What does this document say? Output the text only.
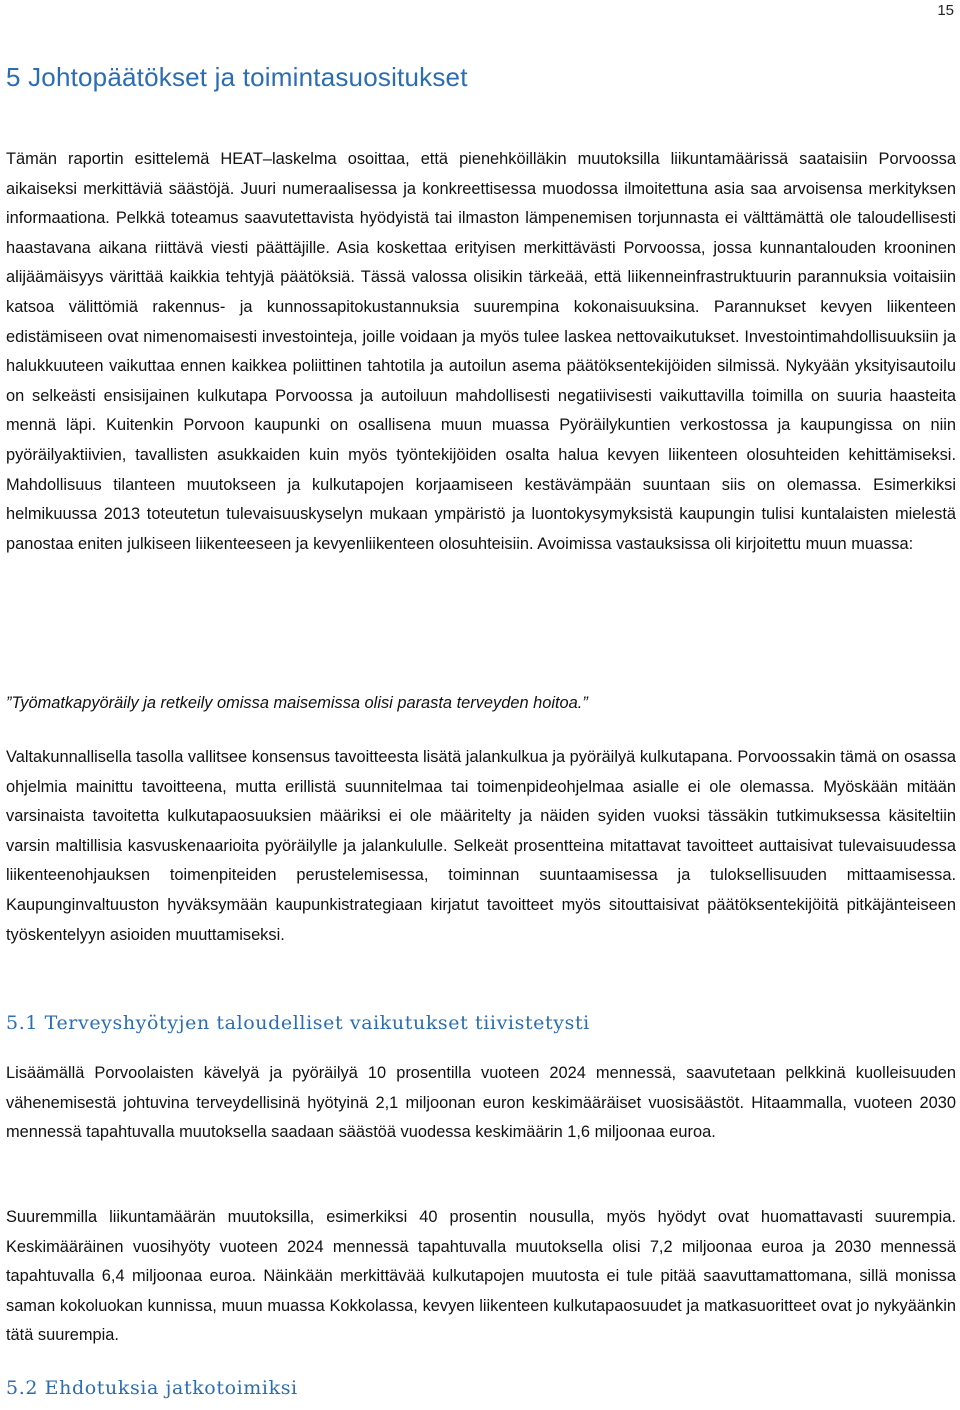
15
5 Johtopäätökset ja toimintasuositukset

Tämän raportin esittelemä HEAT–laskelma osoittaa, että pienehköilläkin muutoksilla liikuntamäärissä saataisiin Porvoossa aikaiseksi merkittäviä säästöjä. Juuri numeraalisessa ja konkreettisessa muodossa ilmoitettuna asia saa arvoisensa merkityksen informaationa. Pelkkä toteamus saavutettavista hyödyistä tai ilmaston lämpenemisen torjunnasta ei välttämättä ole taloudellisesti haastavana aikana riittävä viesti päättäjille. Asia koskettaa erityisen merkittävästi Porvoossa, jossa kunnantalouden krooninen alijäämäisyys värittää kaikkia tehtyjä päätöksiä. Tässä valossa olisikin tärkeää, että liikenneinfrastruktuurin parannuksia voitaisiin katsoa välittömiä rakennus- ja kunnossapitokustannuksia suurempina kokonaisuuksina. Parannukset kevyen liikenteen edistämiseen ovat nimenomaisesti investointeja, joille voidaan ja myös tulee laskea nettovaikutukset. Investointimahdollisuuksiin ja halukkuuteen vaikuttaa ennen kaikkea poliittinen tahtotila ja autoilun asema päätöksentekijöiden silmissä. Nykyään yksityisautoilu on selkeästi ensisijainen kulkutapa Porvoossa ja autoiluun mahdollisesti negatiivisesti vaikuttavilla toimilla on suuria haasteita mennä läpi. Kuitenkin Porvoon kaupunki on osallisena muun muassa Pyöräilykuntien verkostossa ja kaupungissa on niin pyöräilyaktiivien, tavallisten asukkaiden kuin myös työntekijöiden osalta halua kevyen liikenteen olosuhteiden kehittämiseksi. Mahdollisuus tilanteen muutokseen ja kulkutapojen korjaamiseen kestävämpään suuntaan siis on olemassa. Esimerkiksi helmikuussa 2013 toteutetun tulevaisuuskyselyn mukaan ympäristö ja luontokysymyksistä kaupungin tulisi kuntalaisten mielestä panostaa eniten julkiseen liikenteeseen ja kevyenliikenteen olosuhteisiin. Avoimissa vastauksissa oli kirjoitettu muun muassa:

”Työmatkapyöräily ja retkeily omissa maisemissa olisi parasta terveyden hoitoa.”

Valtakunnallisella tasolla vallitsee konsensus tavoitteesta lisätä jalankulkua ja pyöräilyä kulkutapana. Porvoossakin tämä on osassa ohjelmia mainittu tavoitteena, mutta erillistä suunnitelmaa tai toimenpideohjelmaa asialle ei ole olemassa. Myöskään mitään varsinaista tavoitetta kulkutapaosuuksien määriksi ei ole määritelty ja näiden syiden vuoksi tässäkin tutkimuksessa käsiteltiin varsin maltillisia kasvuskenaarioita pyöräilylle ja jalankululle. Selkeät prosentteina mitattavat tavoitteet auttaisivat tulevaisuudessa liikenteenohjauksen toimenpiteiden perustelemisessa, toiminnan suuntaamisessa ja tuloksellisuuden mittaamisessa. Kaupunginvaltuuston hyväksymään kaupunkistrategiaan kirjatut tavoitteet myös sitouttaisivat päätöksentekijöitä pitkäjänteiseen työskentelyyn asioiden muuttamiseksi.

5.1 Terveyshyötyjen taloudelliset vaikutukset tiivistetysti

Lisäämällä Porvoolaisten kävelyä ja pyöräilyä 10 prosentilla vuoteen 2024 mennessä, saavutetaan pelkkinä kuolleisuuden vähenemisestä johtuvina terveydellisinä hyötyinä 2,1 miljoonan euron keskimääräiset vuosisäästöt. Hitaammalla, vuoteen 2030 mennessä tapahtuvalla muutoksella saadaan säästöä vuodessa keskimäärin 1,6 miljoonaa euroa.

Suuremmilla liikuntamäärän muutoksilla, esimerkiksi 40 prosentin nousulla, myös hyödyt ovat huomattavasti suurempia. Keskimääräinen vuosihyöty vuoteen 2024 mennessä tapahtuvalla muutoksella olisi 7,2 miljoonaa euroa ja 2030 mennessä tapahtuvalla 6,4 miljoonaa euroa. Näinkään merkittävää kulkutapojen muutosta ei tule pitää saavuttamattomana, sillä monissa saman kokoluokan kunnissa, muun muassa Kokkolassa, kevyen liikenteen kulkutapaosuudet ja matkasuoritteet ovat jo nykyäänkin tätä suurempia.

5.2 Ehdotuksia jatkotoimiksi
